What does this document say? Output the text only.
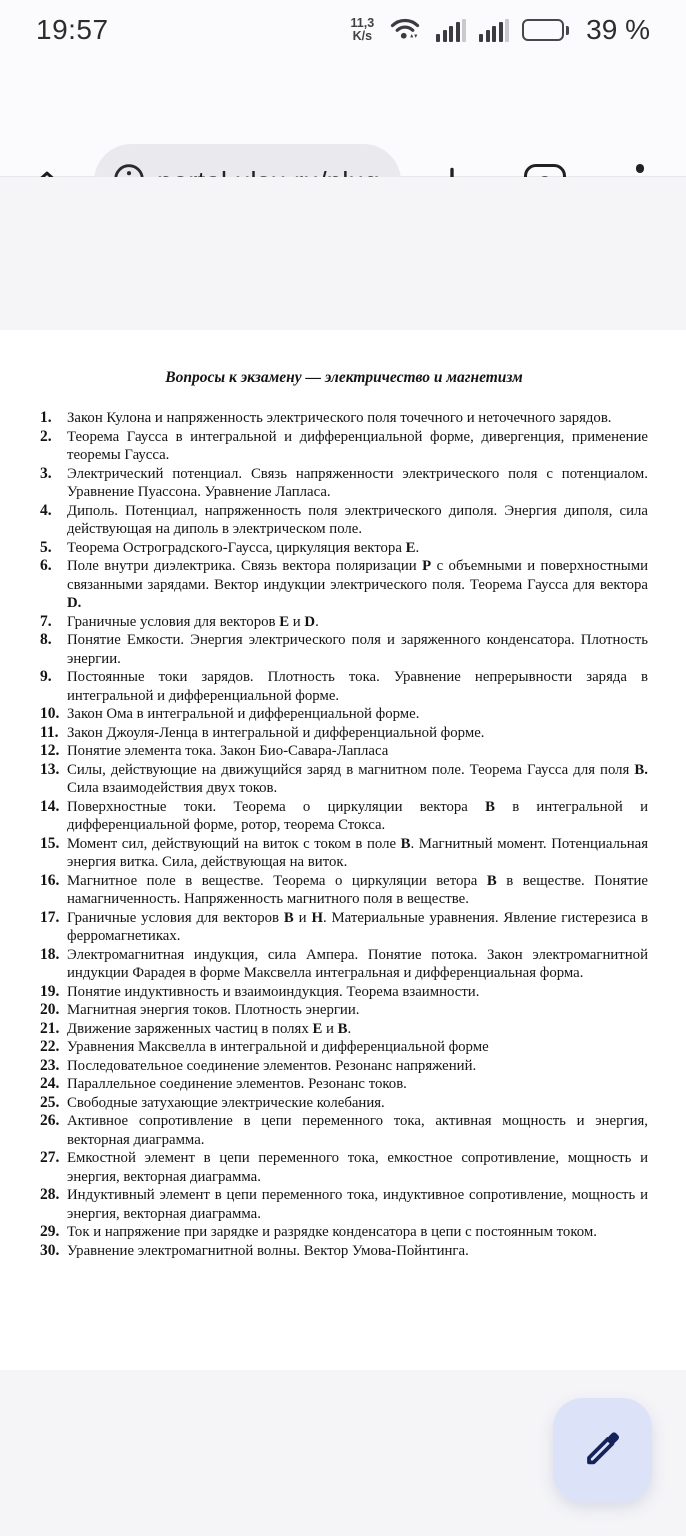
19:57	11,3
K/s	39 %
Вопросы к экзамену — электричество и магнетизм
1.	Закон Кулона и напряженность электрического поля точечного и неточечного зарядов.
2.	Теорема Гаусса в интегральной и дифференциальной форме, дивергенция, применение теоремы Гаусса.
3.	Электрический потенциал. Связь напряженности электрического поля с потенциалом. Уравнение Пуассона. Уравнение Лапласа.
4.	Диполь. Потенциал, напряженность поля электрического диполя. Энергия диполя, сила действующая на диполь в электрическом поле.
5.	Теорема Остроградского-Гаусса, циркуляция вектора E.
6.	Поле внутри диэлектрика. Связь вектора поляризации P с объемными и поверхностными связанными зарядами. Вектор индукции электрического поля. Теорема Гаусса для вектора D.
7.	Граничные условия для векторов E и D.
8.	Понятие Емкости. Энергия электрического поля и заряженного конденсатора. Плотность энергии.
9.	Постоянные токи зарядов. Плотность тока. Уравнение непрерывности заряда в интегральной и дифференциальной форме.
10. Закон Ома в интегральной и дифференциальной форме.
11. Закон Джоуля-Ленца в интегральной и дифференциальной форме.
12. Понятие элемента тока. Закон Био-Савара-Лапласа
13. Силы, действующие на движущийся заряд в магнитном поле. Теорема Гаусса для поля B. Сила взаимодействия двух токов.
14. Поверхностные токи. Теорема о циркуляции вектора B в интегральной и дифференциальной форме, ротор, теорема Стокса.
15. Момент сил, действующий на виток с током в поле B. Магнитный момент. Потенциальная энергия витка. Сила, действующая на виток.
16. Магнитное поле в веществе. Теорема о циркуляции ветора B в веществе. Понятие намагниченность. Напряженность магнитного поля в веществе.
17. Граничные условия для векторов B и H. Материальные уравнения. Явление гистерезиса в ферромагнетиках.
18. Электромагнитная индукция, сила Ампера. Понятие потока. Закон электромагнитной индукции Фарадея в форме Максвелла интегральная и дифференциальная форма.
19. Понятие индуктивность и взаимоиндукция. Теорема взаимности.
20. Магнитная энергия токов. Плотность энергии.
21. Движение заряженных частиц в полях E и B.
22. Уравнения Максвелла в интегральной и дифференциальной форме
23. Последовательное соединение элементов. Резонанс напряжений.
24. Параллельное соединение элементов. Резонанс токов.
25. Свободные затухающие электрические колебания.
26. Активное сопротивление в цепи переменного тока, активная мощность и энергия, векторная диаграмма.
27. Емкостной элемент в цепи переменного тока, емкостное сопротивление, мощность и энергия, векторная диаграмма.
28. Индуктивный элемент в цепи переменного тока, индуктивное сопротивление, мощность и энергия, векторная диаграмма.
29. Ток и напряжение при зарядке и разрядке конденсатора в цепи с постоянным током.
30. Уравнение электромагнитной волны. Вектор Умова-Пойнтинга.
